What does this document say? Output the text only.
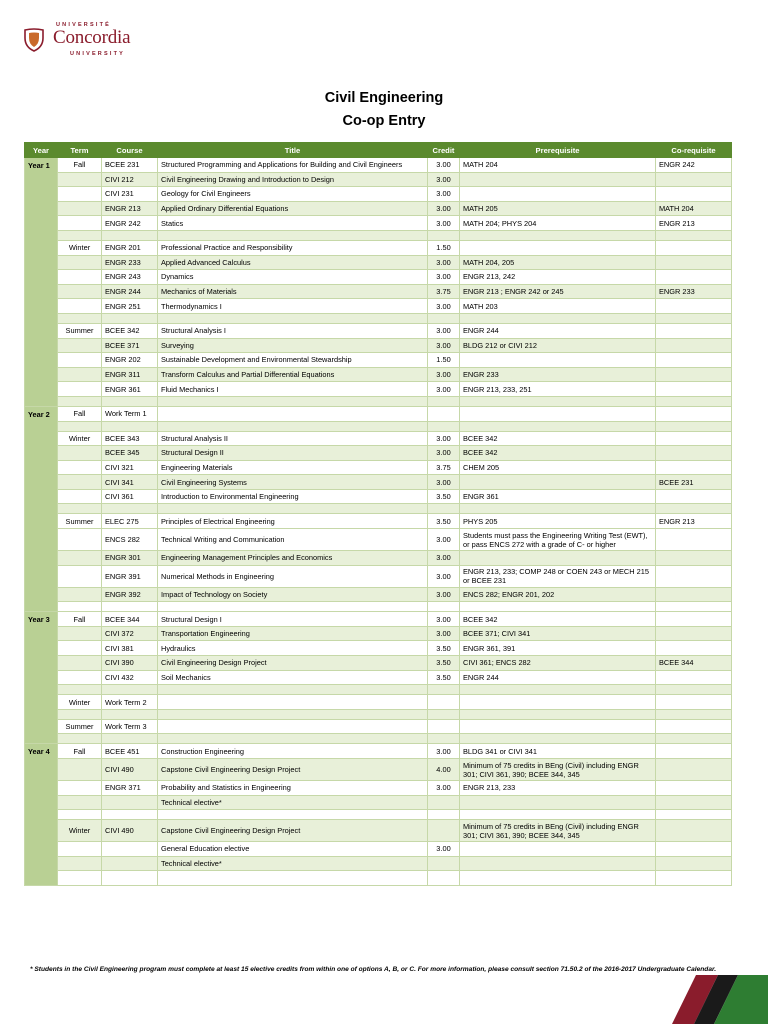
UNIVERSITÉ
Concordia
UNIVERSITY
Civil Engineering
Co-op Entry
Year	Term	Course	Title	Credit	Prerequisite	Co-requisite
Year 1	Fall	BCEE 231	Structured Programming and Applications for Building and Civil Engineers	3.00	MATH 204	ENGR 242
		CIVI 212	Civil Engineering Drawing and Introduction to Design	3.00		
		CIVI 231	Geology for Civil Engineers	3.00		
		ENGR 213	Applied Ordinary Differential Equations	3.00	MATH 205	MATH 204
		ENGR 242	Statics	3.00	MATH 204; PHYS 204	ENGR 213

	Winter	ENGR 201	Professional Practice and Responsibility	1.50		
		ENGR 233	Applied Advanced Calculus	3.00	MATH 204, 205	
		ENGR 243	Dynamics	3.00	ENGR 213, 242	
		ENGR 244	Mechanics of Materials	3.75	ENGR 213 ; ENGR 242 or 245	ENGR 233
		ENGR 251	Thermodynamics I	3.00	MATH 203	

	Summer	BCEE 342	Structural Analysis I	3.00	ENGR 244	
		BCEE 371	Surveying	3.00	BLDG 212 or CIVI 212	
		ENGR 202	Sustainable Development and Environmental Stewardship	1.50		
		ENGR 311	Transform Calculus and Partial Differential Equations	3.00	ENGR 233	
		ENGR 361	Fluid Mechanics I	3.00	ENGR 213, 233, 251	

Year 2	Fall	Work Term 1				

	Winter	BCEE 343	Structural Analysis II	3.00	BCEE 342	
		BCEE 345	Structural Design II	3.00	BCEE 342	
		CIVI 321	Engineering Materials	3.75	CHEM 205	
		CIVI 341	Civil Engineering Systems	3.00		BCEE 231
		CIVI 361	Introduction to Environmental Engineering	3.50	ENGR 361	

	Summer	ELEC 275	Principles of Electrical Engineering	3.50	PHYS 205	ENGR 213
		ENCS 282	Technical Writing and Communication	3.00	Students must pass the Engineering Writing Test (EWT), or pass ENCS 272 with a grade of C- or higher	
		ENGR 301	Engineering Management Principles and Economics	3.00		
		ENGR 391	Numerical Methods in Engineering	3.00	ENGR 213, 233; COMP 248 or COEN 243 or MECH 215 or BCEE 231	
		ENGR 392	Impact of Technology on Society	3.00	ENCS 282; ENGR 201, 202	

Year 3	Fall	BCEE 344	Structural Design I	3.00	BCEE 342	
		CIVI 372	Transportation Engineering	3.00	BCEE 371; CIVI 341	
		CIVI 381	Hydraulics	3.50	ENGR 361, 391	
		CIVI 390	Civil Engineering Design Project	3.50	CIVI 361; ENCS 282	BCEE 344
		CIVI 432	Soil Mechanics	3.50	ENGR 244	

	Winter	Work Term 2				

	Summer	Work Term 3				

Year 4	Fall	BCEE 451	Construction Engineering	3.00	BLDG 341 or CIVI 341	
		CIVI 490	Capstone Civil Engineering Design Project	4.00	Minimum of 75 credits in BEng (Civil) including ENGR 301; CIVI 361, 390; BCEE 344, 345	
		ENGR 371	Probability and Statistics in Engineering	3.00	ENGR 213, 233	
			Technical elective*			

	Winter	CIVI 490	Capstone Civil Engineering Design Project		Minimum of 75 credits in BEng (Civil) including ENGR 301; CIVI 361, 390; BCEE 344, 345	
			General Education elective	3.00		
			Technical elective*			

* Students in the Civil Engineering program must complete at least 15 elective credits from within one of options A, B, or C. For more information, please consult section 71.50.2 of the 2016-2017 Undergraduate Calendar.
